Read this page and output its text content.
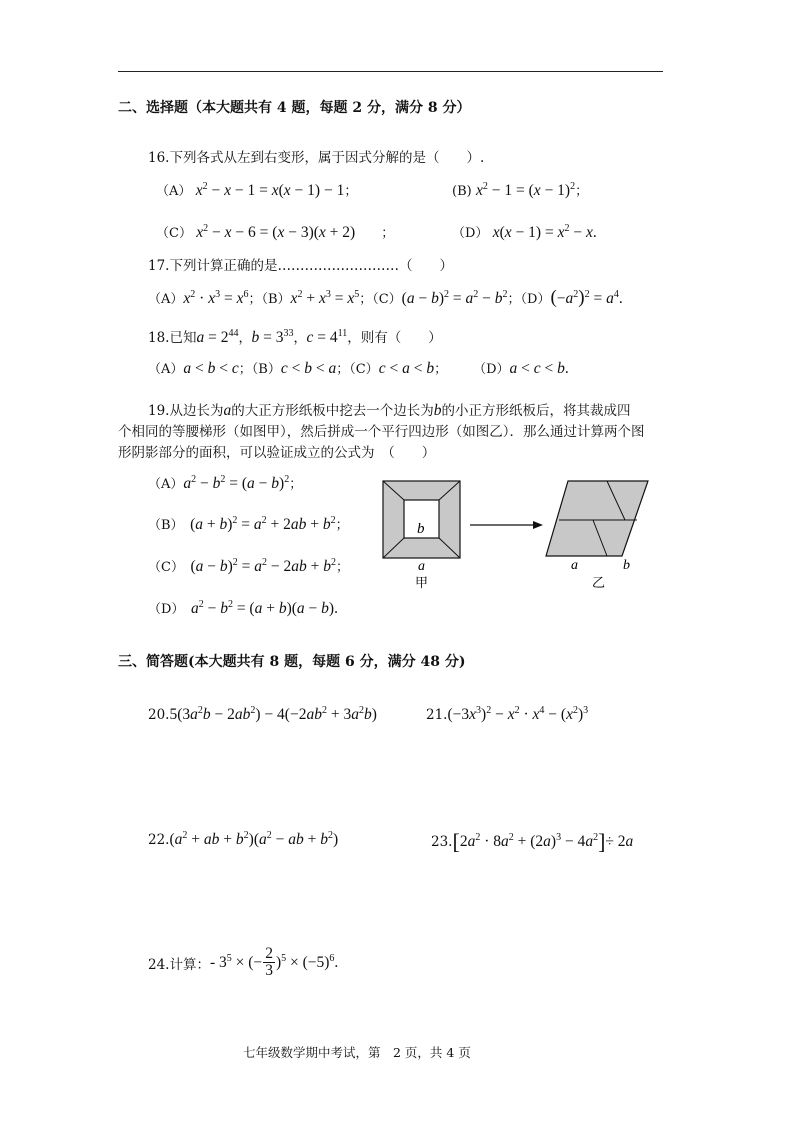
二、选择题（本大题共有 4 题，每题 2 分，满分 8 分）
16.下列各式从左到右变形，属于因式分解的是（　　）.
（A） $x^2 - x - 1 = x(x - 1) - 1$；	(B) $x^2 - 1 = (x - 1)^2$；
（C） $x^2 - x - 6 = (x - 3)(x + 2)$　　；	（D） $x(x - 1) = x^2 - x$.
17.下列计算正确的是………………………（　　）
$(A)x^2 \cdot x^3 = x^6$；$(B)x^2 + x^3 = x^5$；$(C)(a - b)^2 = a^2 - b^2$；$(D)(-a^2)^2 = a^4$.
18.已知$a = 2^{44}$，$b = 3^{33}$，$c = 4^{11}$，则有（　　）
（A）a < b < c；（B）c < b < a；（C）c < a < b；　　　（D）a < c < b.
19.从边长为a的大正方形纸板中挖去一个边长为b的小正方形纸板后，将其裁成四
个相同的等腰梯形（如图甲），然后拼成一个平行四边形（如图乙）．那么通过计算两个图
形阴影部分的面积，可以验证成立的公式为　（　　）
$(A)a^2 - b^2 = (a - b)^2$；
（B）　$(a + b)^2 = a^2 + 2ab + b^2$；
（C）　$(a - b)^2 = a^2 - 2ab + b^2$；
（D）　$a^2 - b^2 = (a + b)(a - b)$.
b
a
甲
a	b
乙
三、简答题(本大题共有 8 题，每题 6 分，满分 48 分)
$20.5(3a^2b - 2ab^2) - 4(-2ab^2 + 3a^2b)$	$21.(-3x^3)^2 - x^2 \cdot x^4 - (x^2)^3$
$22.(a^2$ + ab + $b^2)(a^2$ − ab + $b^2$)	$23.[2a^2 \cdot 8a^2 + (2a)^3 - 4a^2]\div 2a$
24.计算：- $3^5$ × (− $\frac{2}{3} )^5 \times (-5)^6$.
七年级数学期中考试，第　2 页，共 4 页
